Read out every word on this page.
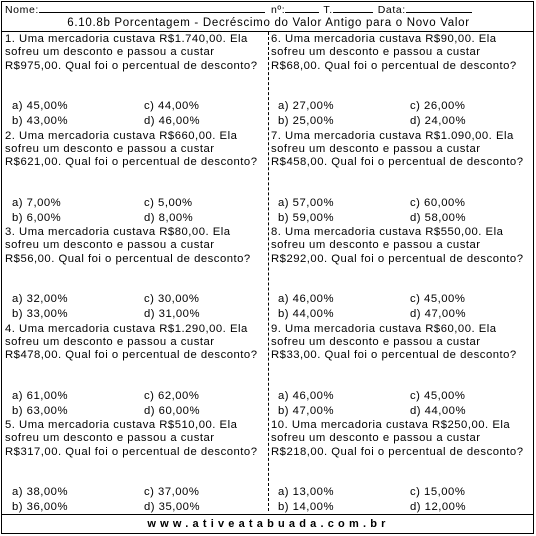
Nome:	nº:	T.	Data:
6.10.8b Porcentagem - Decréscimo do Valor Antigo para o Novo Valor
1. Uma mercadoria custava R$1.740,00. Ela sofreu um desconto e passou a custar R$975,00. Qual foi o percentual de desconto?
a) 45,00%	c) 44,00%
b) 43,00%	d) 46,00%
2. Uma mercadoria custava R$660,00. Ela sofreu um desconto e passou a custar R$621,00. Qual foi o percentual de desconto?
a) 7,00%	c) 5,00%
b) 6,00%	d) 8,00%
3. Uma mercadoria custava R$80,00. Ela sofreu um desconto e passou a custar R$56,00. Qual foi o percentual de desconto?
a) 32,00%	c) 30,00%
b) 33,00%	d) 31,00%
4. Uma mercadoria custava R$1.290,00. Ela sofreu um desconto e passou a custar R$478,00. Qual foi o percentual de desconto?
a) 61,00%	c) 62,00%
b) 63,00%	d) 60,00%
5. Uma mercadoria custava R$510,00. Ela sofreu um desconto e passou a custar R$317,00. Qual foi o percentual de desconto?
a) 38,00%	c) 37,00%
b) 36,00%	d) 35,00%
6. Uma mercadoria custava R$90,00. Ela sofreu um desconto e passou a custar R$68,00. Qual foi o percentual de desconto?
a) 27,00%	c) 26,00%
b) 25,00%	d) 24,00%
7. Uma mercadoria custava R$1.090,00. Ela sofreu um desconto e passou a custar R$458,00. Qual foi o percentual de desconto?
a) 57,00%	c) 60,00%
b) 59,00%	d) 58,00%
8. Uma mercadoria custava R$550,00. Ela sofreu um desconto e passou a custar R$292,00. Qual foi o percentual de desconto?
a) 46,00%	c) 45,00%
b) 44,00%	d) 47,00%
9. Uma mercadoria custava R$60,00. Ela sofreu um desconto e passou a custar R$33,00. Qual foi o percentual de desconto?
a) 46,00%	c) 45,00%
b) 47,00%	d) 44,00%
10. Uma mercadoria custava R$250,00. Ela sofreu um desconto e passou a custar R$218,00. Qual foi o percentual de desconto?
a) 13,00%	c) 15,00%
b) 14,00%	d) 12,00%
www.ativeatabuada.com.br
